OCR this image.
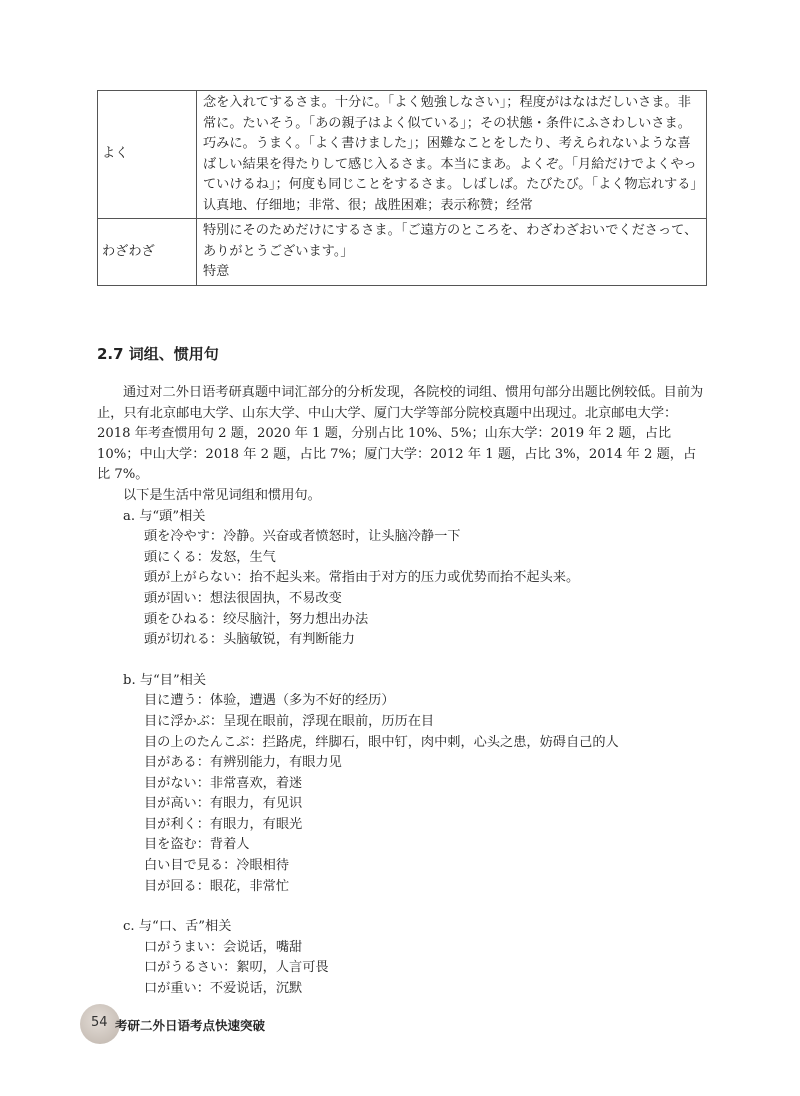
よく	念を入れてするさま。十分に。「よく勉強しなさい」；程度がはなはだしいさま。非常に。たいそう。「あの親子はよく似ている」；その状態・条件にふさわしいさま。巧みに。うまく。「よく書けました」；困難なことをしたり、考えられないような喜ばしい結果を得たりして感じ入るさま。本当にまあ。よくぞ。「月給だけでよくやっていけるね」；何度も同じことをするさま。しばしば。たびたび。「よく物忘れする」
认真地、仔细地；非常、很；战胜困难；表示称赞；经常

わざわざ	特別にそのためだけにするさま。「ご遠方のところを、わざわざおいでくださって、ありがとうございます。」
特意
2.7 词组、惯用句

通过对二外日语考研真题中词汇部分的分析发现，各院校的词组、惯用句部分出题比例较低。目前为止，只有北京邮电大学、山东大学、中山大学、厦门大学等部分院校真题中出现过。北京邮电大学：2018 年考查惯用句 2 题，2020 年 1 题，分别占比 10%、5%；山东大学：2019 年 2 题，占比 10%；中山大学：2018 年 2 题，占比 7%；厦门大学：2012 年 1 题，占比 3%，2014 年 2 题，占比 7%。

以下是生活中常见词组和惯用句。

a. 与“頭”相关

頭を冷やす：冷静。兴奋或者愤怒时，让头脑冷静一下
頭にくる：发怒，生气
頭が上がらない：抬不起头来。常指由于对方的压力或优势而抬不起头来。
頭が固い：想法很固执，不易改变
頭をひねる：绞尽脑汁，努力想出办法
頭が切れる：头脑敏锐，有判断能力

b. 与“目”相关

目に遭う：体验，遭遇（多为不好的经历）
目に浮かぶ：呈现在眼前，浮现在眼前，历历在目
目の上のたんこぶ：拦路虎，绊脚石，眼中钉，肉中刺，心头之患，妨碍自己的人
目がある：有辨别能力，有眼力见
目がない：非常喜欢，着迷
目が高い：有眼力，有见识
目が利く：有眼力，有眼光
目を盗む：背着人
白い目で見る：冷眼相待
目が回る：眼花，非常忙

c. 与“口、舌”相关

口がうまい：会说话，嘴甜
口がうるさい：絮叨，人言可畏
口が重い：不爱说话，沉默
54 考研二外日语考点快速突破
